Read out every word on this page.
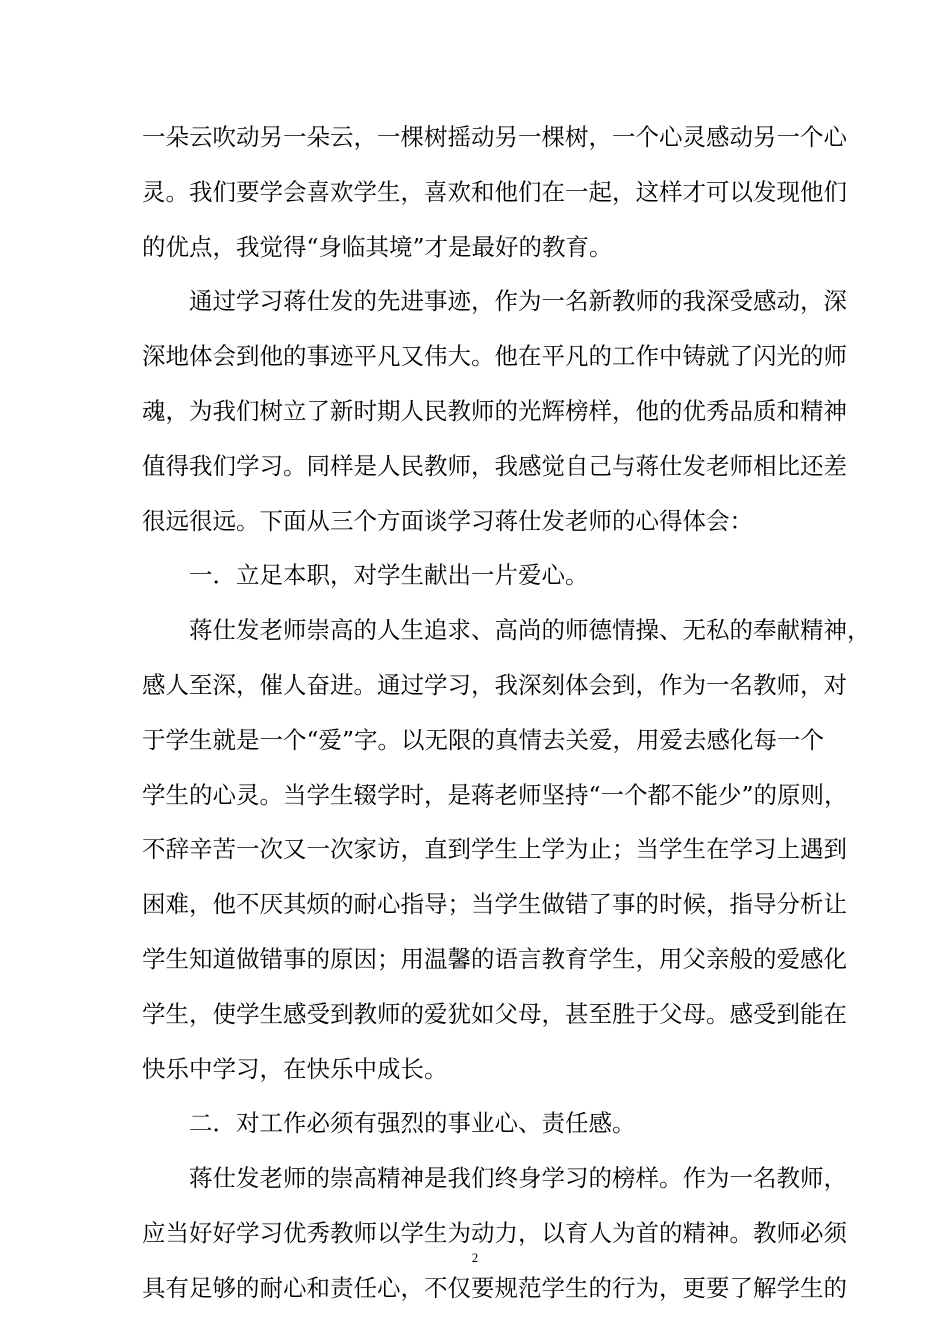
一朵云吹动另一朵云，一棵树摇动另一棵树，一个心灵感动另一个心
灵。我们要学会喜欢学生，喜欢和他们在一起，这样才可以发现他们
的优点，我觉得“身临其境”才是最好的教育。
　　通过学习蒋仕发的先进事迹，作为一名新教师的我深受感动，深
深地体会到他的事迹平凡又伟大。他在平凡的工作中铸就了闪光的师
魂，为我们树立了新时期人民教师的光辉榜样，他的优秀品质和精神
值得我们学习。同样是人民教师，我感觉自己与蒋仕发老师相比还差
很远很远。下面从三个方面谈学习蒋仕发老师的心得体会：
　　一．立足本职，对学生献出一片爱心。
　　蒋仕发老师崇高的人生追求、高尚的师德情操、无私的奉献精神，
感人至深，催人奋进。通过学习，我深刻体会到，作为一名教师，对
于学生就是一个“爱”字。以无限的真情去关爱，用爱去感化每一个
学生的心灵。当学生辍学时，是蒋老师坚持“一个都不能少”的原则，
不辞辛苦一次又一次家访，直到学生上学为止；当学生在学习上遇到
困难，他不厌其烦的耐心指导；当学生做错了事的时候，指导分析让
学生知道做错事的原因；用温馨的语言教育学生，用父亲般的爱感化
学生，使学生感受到教师的爱犹如父母，甚至胜于父母。感受到能在
快乐中学习，在快乐中成长。
　　二．对工作必须有强烈的事业心、责任感。
　　蒋仕发老师的崇高精神是我们终身学习的榜样。作为一名教师，
应当好好学习优秀教师以学生为动力，以育人为首的精神。教师必须
具有足够的耐心和责任心，不仅要规范学生的行为，更要了解学生的
2
